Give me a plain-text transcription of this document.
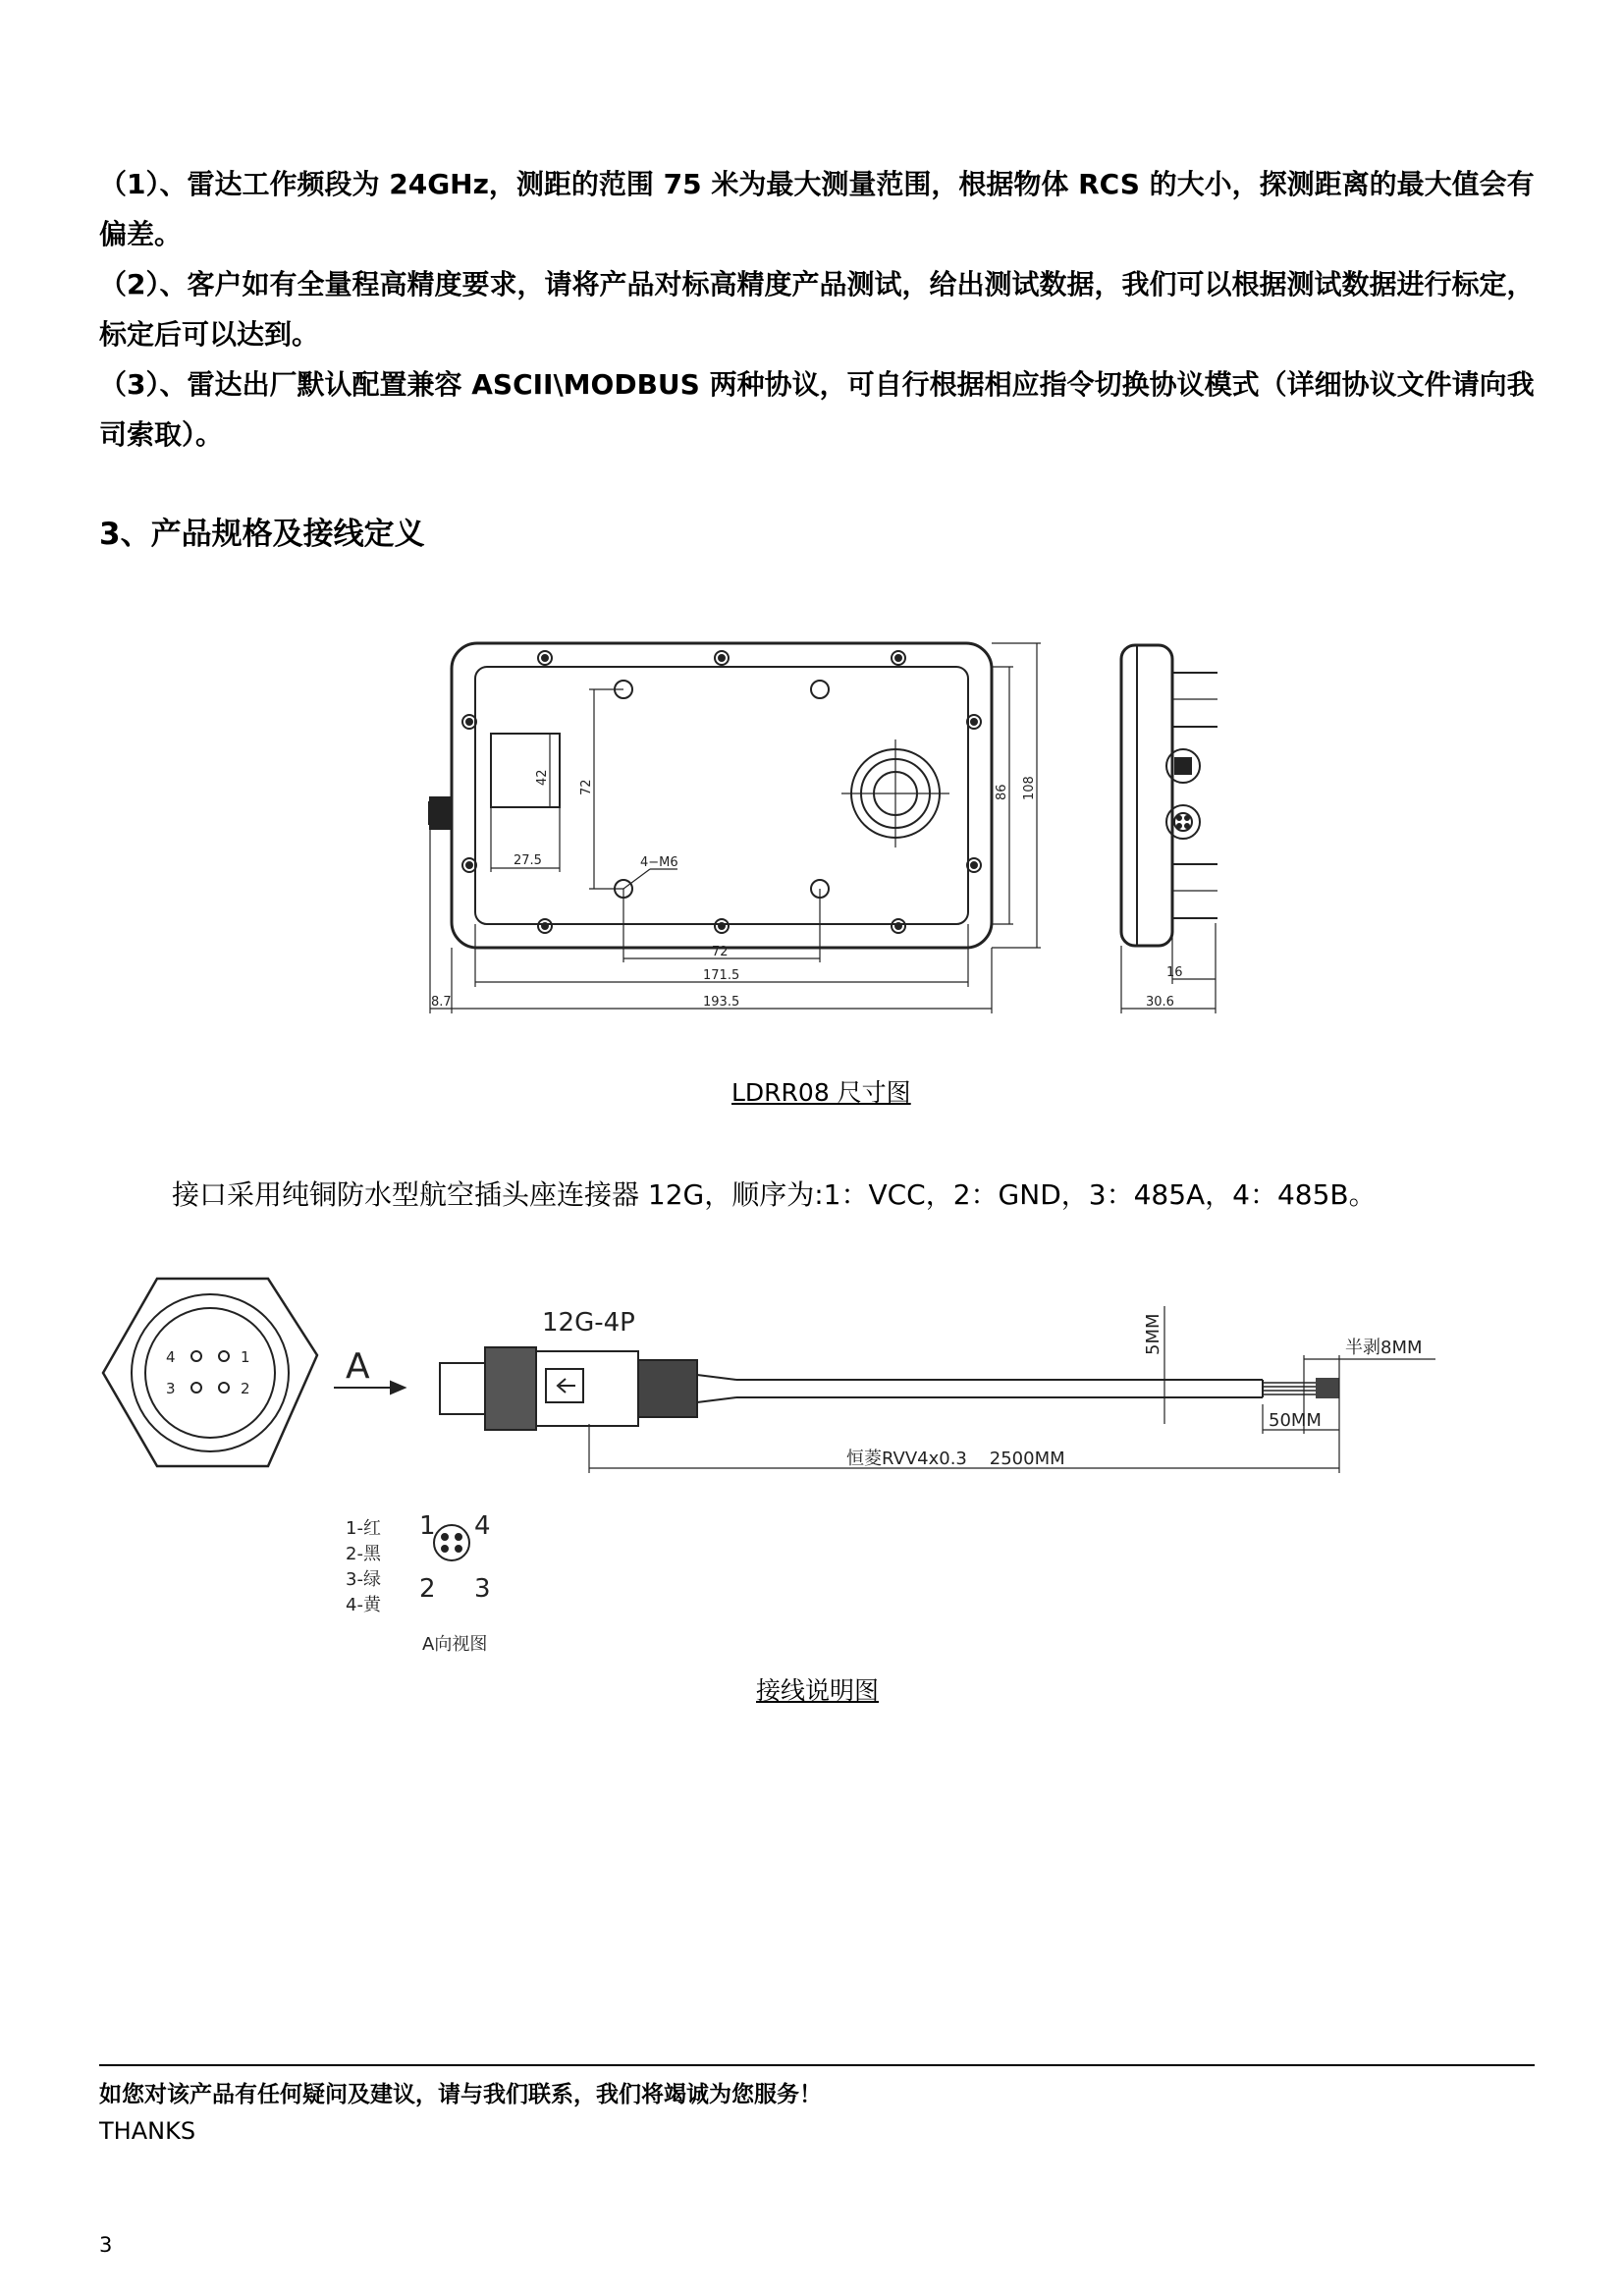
（1）、雷达工作频段为 24GHz，测距的范围 75 米为最大测量范围，根据物体 RCS 的大小，探测距离的最大值会有偏差。

（2）、客户如有全量程高精度要求，请将产品对标高精度产品测试，给出测试数据，我们可以根据测试数据进行标定，标定后可以达到。

（3）、雷达出厂默认配置兼容 ASCII\MODBUS 两种协议，可自行根据相应指令切换协议模式（详细协议文件请向我司索取）。

3、产品规格及接线定义
42
72
27.5	4−M6
86 108
72
171.5
193.5
8.7
16
30.6
LDRR08 尺寸图
接口采用纯铜防水型航空插头座连接器 12G，顺序为:1：VCC，2：GND，3：485A，4：485B。
4	1
3	2
A
12G-4P	5MM	半剥8MM
50MM
恒菱RVV4x0.3    2500MM
1-红
2-黑
3-绿
4-黄
1 4
2 3
A向视图
接线说明图
如您对该产品有任何疑问及建议，请与我们联系，我们将竭诚为您服务！
THANKS
3
